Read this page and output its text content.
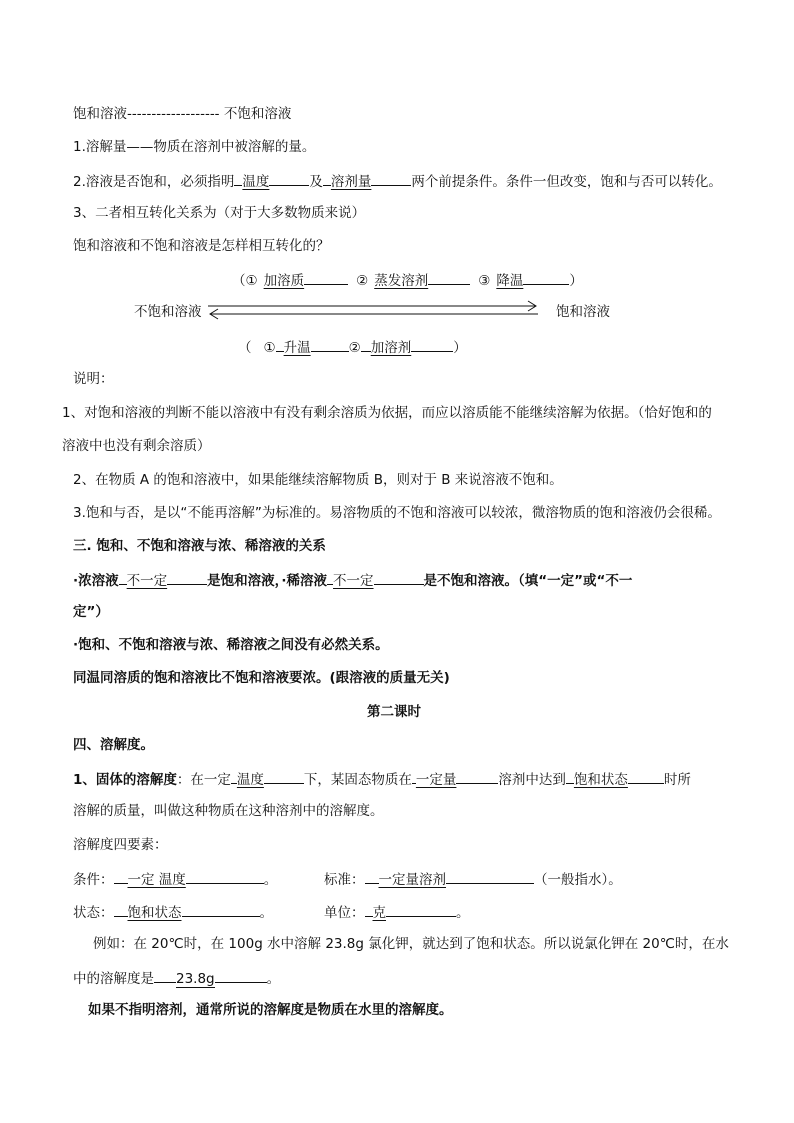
饱和溶液------------------- 不饱和溶液
1.溶解量——物质在溶剂中被溶解的量。
2.溶液是否饱和，必须指明 温度	及 溶剂量	两个前提条件。条件一但改变，饱和与否可以转化。
3、二者相互转化关系为（对于大多数物质来说）
饱和溶液和不饱和溶液是怎样相互转化的？
（① 加溶质	② 蒸发溶剂	③ 降温	）
不饱和溶液	饱和溶液
（ ① 升温	② 加溶剂	）
说明：
1、对饱和溶液的判断不能以溶液中有没有剩余溶质为依据，而应以溶质能不能继续溶解为依据。（恰好饱和的
溶液中也没有剩余溶质）
2、在物质 A 的饱和溶液中，如果能继续溶解物质 B，则对于 B 来说溶液不饱和。
3.饱和与否，是以“不能再溶解”为标准的。易溶物质的不饱和溶液可以较浓，微溶物质的饱和溶液仍会很稀。
三. 饱和、不饱和溶液与浓、稀溶液的关系
·浓溶液 不一定	是饱和溶液，·稀溶液 不一定	是不饱和溶液。（填“一定”或“不一
定”）
·饱和、不饱和溶液与浓、稀溶液之间没有必然关系。
同温同溶质的饱和溶液比不饱和溶液要浓。(跟溶液的质量无关)
第二课时
四、溶解度。
1、固体的溶解度：在一定 温度	下，某固态物质在 一定量	溶剂中达到 饱和状态	时所
溶解的质量，叫做这种物质在这种溶剂中的溶解度。
溶解度四要素：
条件： 一定 温度	。	标准： 一定量溶剂	（一般指水）。
状态： 饱和状态	。	单位： 克	。
例如：在 20℃时，在 100g 水中溶解 23.8g 氯化钾，就达到了饱和状态。所以说氯化钾在 20℃时，在水
中的溶解度是 23.8g	。
如果不指明溶剂，通常所说的溶解度是物质在水里的溶解度。
